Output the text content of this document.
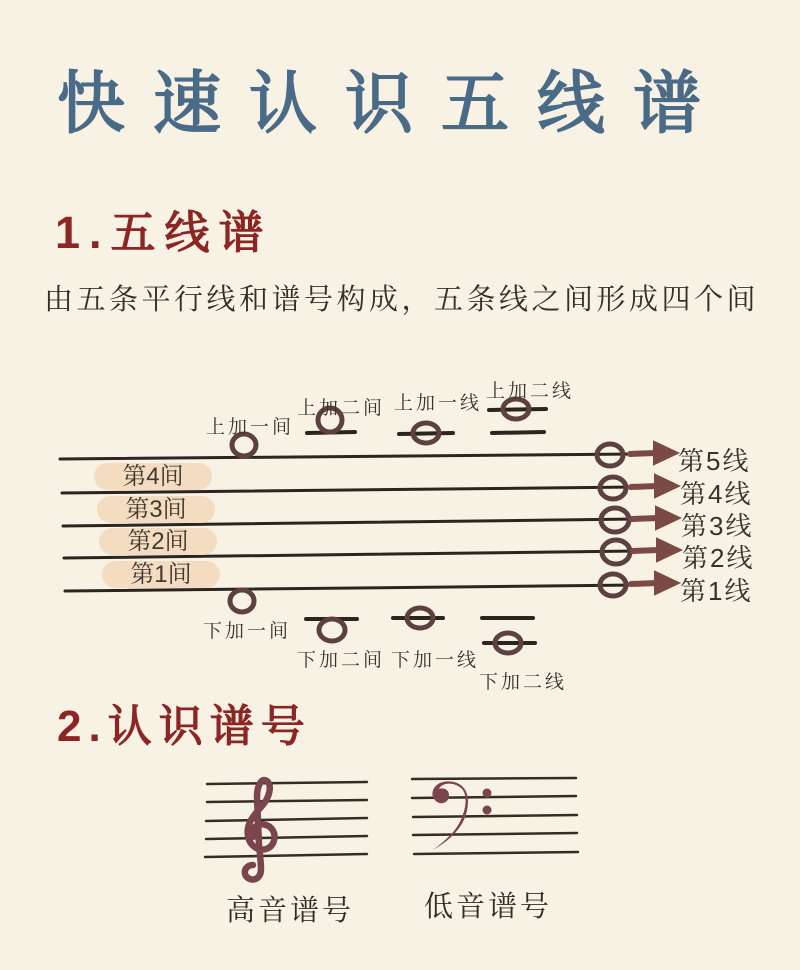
快速认识五线谱
1.五线谱
由五条平行线和谱号构成，五条线之间形成四个间
上加一间
上加二间 上加一线
上加二线
第4间
第3间
第2间
第1间
第5线
第4线
第3线
第2线
第1线
下加一间
下加二间 下加一线
下加二线
2.认识谱号
高音谱号 低音谱号
